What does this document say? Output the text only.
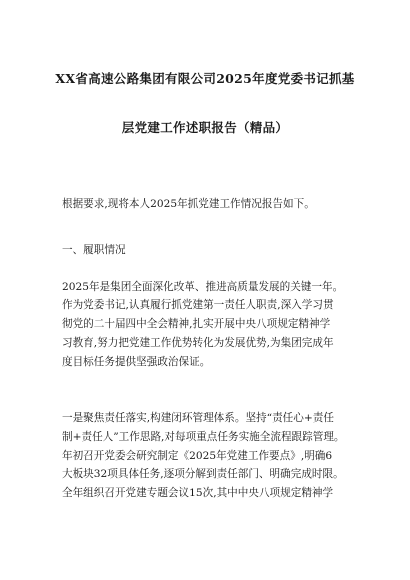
XX省高速公路集团有限公司2025年度党委书记抓基
层党建工作述职报告（精品）
根据要求,现将本人2025年抓党建工作情况报告如下。
一、履职情况
2025年是集团全面深化改革、推进高质量发展的关键一年。
作为党委书记,认真履行抓党建第一责任人职责,深入学习贯
彻党的二十届四中全会精神,扎实开展中央八项规定精神学
习教育,努力把党建工作优势转化为发展优势,为集团完成年
度目标任务提供坚强政治保证。
一是聚焦责任落实,构建闭环管理体系。坚持“责任心+责任
制+责任人”工作思路,对每项重点任务实施全流程跟踪管理。
年初召开党委会研究制定《2025年党建工作要点》,明确6
大板块32项具体任务,逐项分解到责任部门、明确完成时限。
全年组织召开党建专题会议15次,其中中央八项规定精神学
